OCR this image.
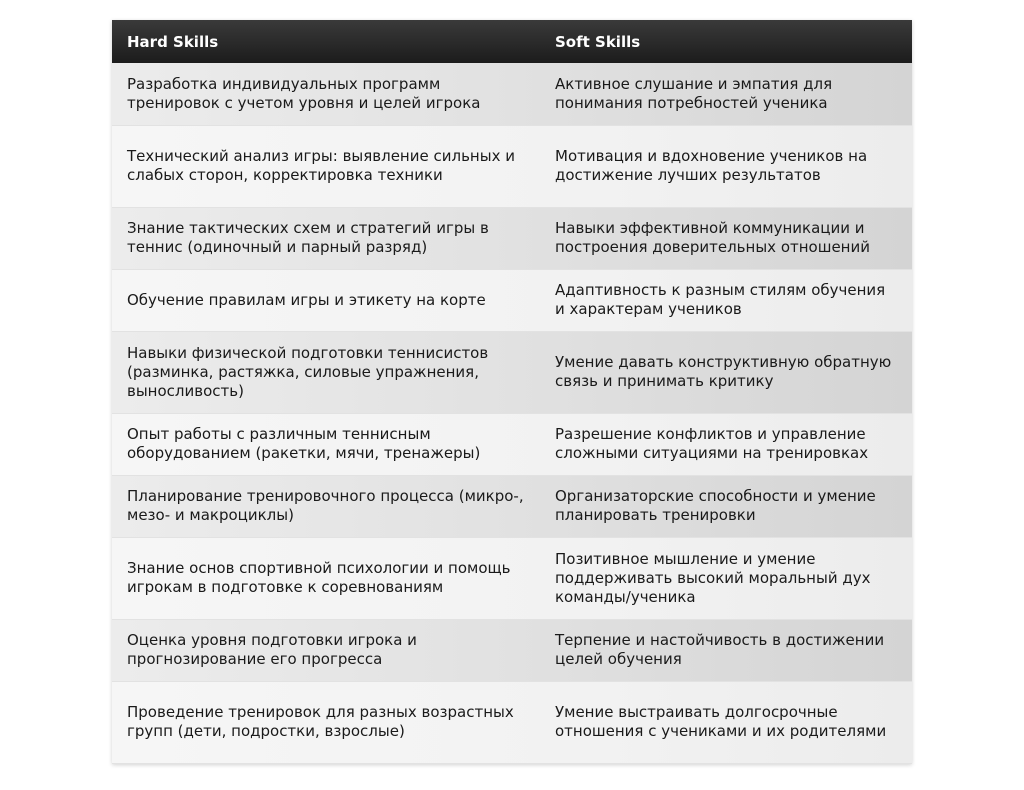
Hard Skills	Soft Skills
Разработка индивидуальных программ тренировок с учетом уровня и целей игрока	Активное слушание и эмпатия для понимания потребностей ученика
Технический анализ игры: выявление сильных и слабых сторон, корректировка техники	Мотивация и вдохновение учеников на достижение лучших результатов
Знание тактических схем и стратегий игры в теннис (одиночный и парный разряд)	Навыки эффективной коммуникации и построения доверительных отношений
Обучение правилам игры и этикету на корте	Адаптивность к разным стилям обучения и характерам учеников
Навыки физической подготовки теннисистов (разминка, растяжка, силовые упражнения, выносливость)	Умение давать конструктивную обратную связь и принимать критику
Опыт работы с различным теннисным оборудованием (ракетки, мячи, тренажеры)	Разрешение конфликтов и управление сложными ситуациями на тренировках
Планирование тренировочного процесса (микро-, мезо- и макроциклы)	Организаторские способности и умение планировать тренировки
Знание основ спортивной психологии и помощь игрокам в подготовке к соревнованиям	Позитивное мышление и умение поддерживать высокий моральный дух команды/ученика
Оценка уровня подготовки игрока и прогнозирование его прогресса	Терпение и настойчивость в достижении целей обучения
Проведение тренировок для разных возрастных групп (дети, подростки, взрослые)	Умение выстраивать долгосрочные отношения с учениками и их родителями
